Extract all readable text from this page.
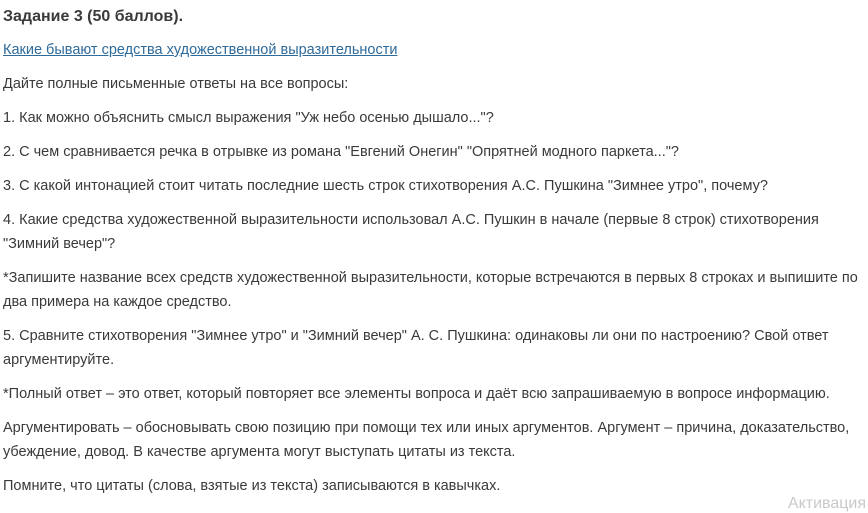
Задание 3 (50 баллов).
Какие бывают средства художественной выразительности

Дайте полные письменные ответы на все вопросы:

1. Как можно объяснить смысл выражения "Уж небо осенью дышало..."?

2. С чем сравнивается речка в отрывке из романа "Евгений Онегин" "Опрятней модного паркета..."?

3. С какой интонацией стоит читать последние шесть строк стихотворения А.С. Пушкина "Зимнее утро", почему?

4. Какие средства художественной выразительности использовал А.С. Пушкин в начале (первые 8 строк) стихотворения "Зимний вечер"?

*Запишите название всех средств художественной выразительности, которые встречаются в первых 8 строках и выпишите по два примера на каждое средство.

5. Сравните стихотворения "Зимнее утро" и "Зимний вечер" А. С. Пушкина: одинаковы ли они по настроению? Свой ответ аргументируйте.

*Полный ответ – это ответ, который повторяет все элементы вопроса и даёт всю запрашиваемую в вопросе информацию.

Аргументировать – обосновывать свою позицию при помощи тех или иных аргументов. Аргумент – причина, доказательство, убеждение, довод. В качестве аргумента могут выступать цитаты из текста.

Помните, что цитаты (слова, взятые из текста) записываются в кавычках.

Активация
